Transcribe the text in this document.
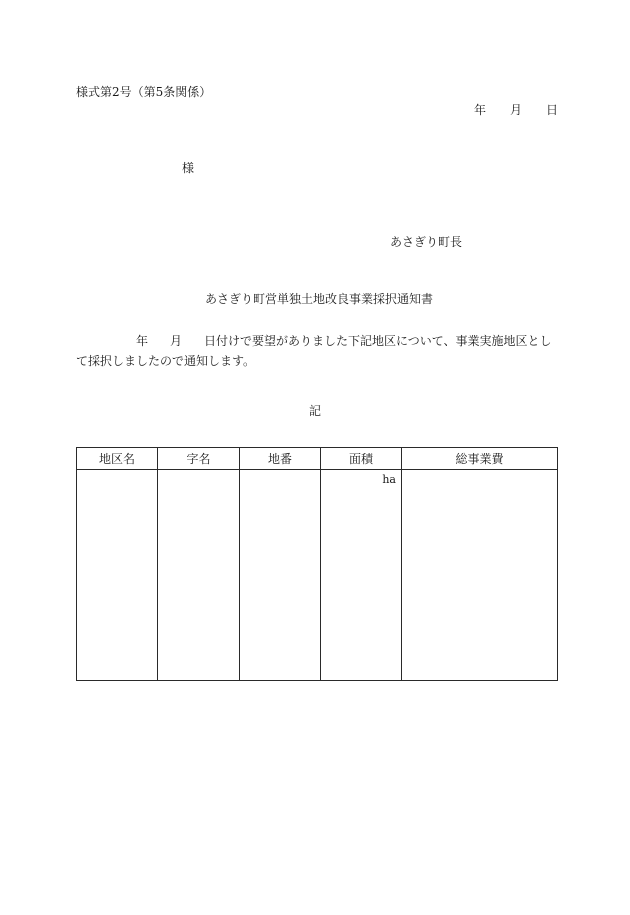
様式第2号（第5条関係）
年 月 日
様
あさぎり町長
あさぎり町営単独土地改良事業採択通知書
年 月 日付けで要望がありました下記地区について、事業実施地区として採択しましたので通知します。
記
地区名	字名	地番	面積	総事業費
			ha	
